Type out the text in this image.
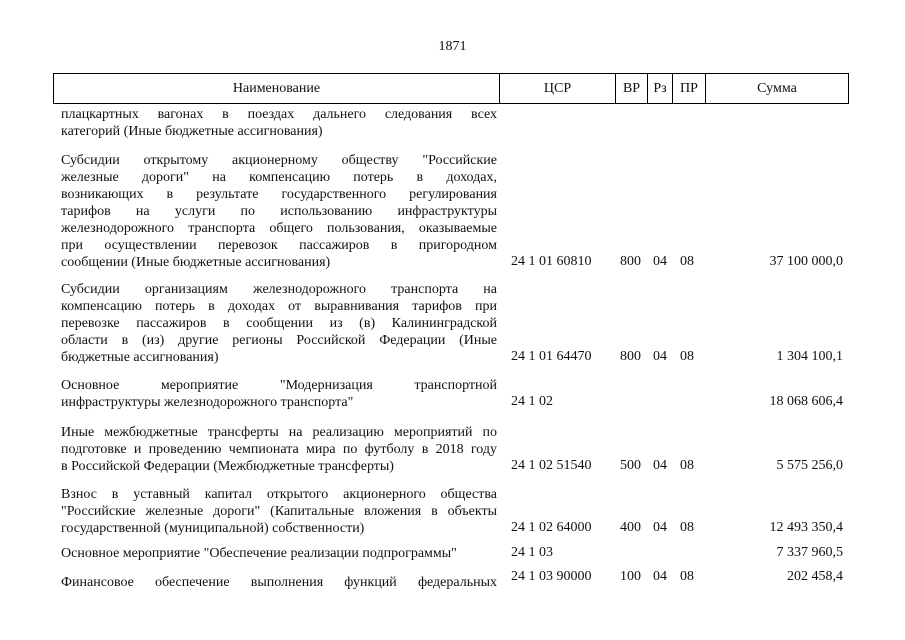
1871
Наименование	ЦСР	ВР Рз ПР	Сумма
плацкартных вагонах в поездах дальнего следования всех
категорий (Иные бюджетные ассигнования)
Субсидии открытому акционерному обществу "Российские
железные дороги" на компенсацию потерь в доходах,
возникающих в результате государственного регулирования
тарифов на услуги по использованию инфраструктуры
железнодорожного транспорта общего пользования, оказываемые
при осуществлении перевозок пассажиров в пригородном
сообщении (Иные бюджетные ассигнования)	24 1 01 60810 800 04 08	37 100 000,0
Субсидии организациям железнодорожного транспорта на
компенсацию потерь в доходах от выравнивания тарифов при
перевозке пассажиров в сообщении из (в) Калининградской
области в (из) другие регионы Российской Федерации (Иные
бюджетные ассигнования)	24 1 01 64470 800 04 08	1 304 100,1
Основное мероприятие "Модернизация транспортной
инфраструктуры железнодорожного транспорта"	24 1 02	18 068 606,4
Иные межбюджетные трансферты на реализацию мероприятий по
подготовке и проведению чемпионата мира по футболу в 2018 году
в Российской Федерации (Межбюджетные трансферты)	24 1 02 51540 500 04 08	5 575 256,0
Взнос в уставный капитал открытого акционерного общества
"Российские железные дороги" (Капитальные вложения в объекты
государственной (муниципальной) собственности)	24 1 02 64000 400 04 08	12 493 350,4
Основное мероприятие "Обеспечение реализации подпрограммы"	24 1 03	7 337 960,5
Финансовое обеспечение выполнения функций федеральных 24 1 03 90000 100 04 08	202 458,4
